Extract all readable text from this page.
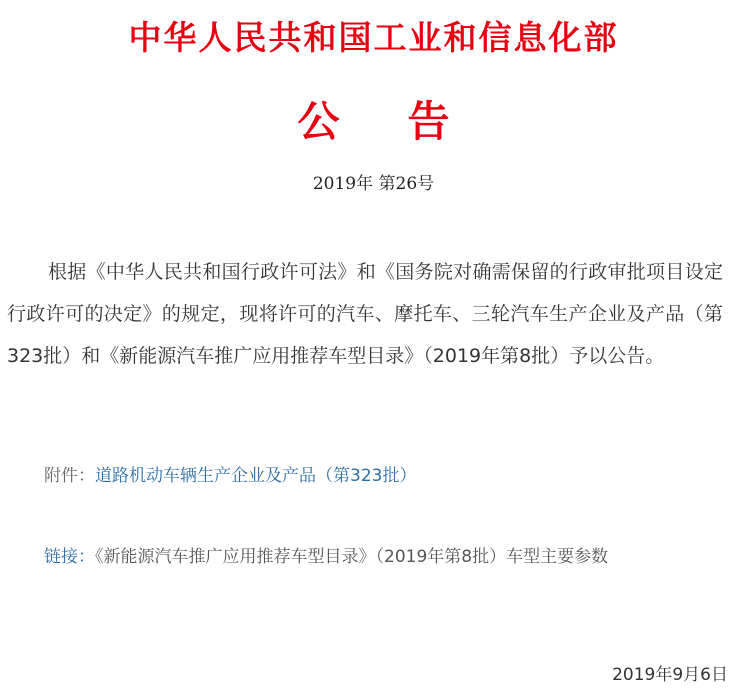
中华人民共和国工业和信息化部
公 告
2019年 第26号

根据《中华人民共和国行政许可法》和《国务院对确需保留的行政审批项目设定行政许可的决定》的规定，现将许可的汽车、摩托车、三轮汽车生产企业及产品（第323批）和《新能源汽车推广应用推荐车型目录》（2019年第8批）予以公告。

附件：道路机动车辆生产企业及产品（第323批）
链接：《新能源汽车推广应用推荐车型目录》（2019年第8批）车型主要参数
2019年9月6日
